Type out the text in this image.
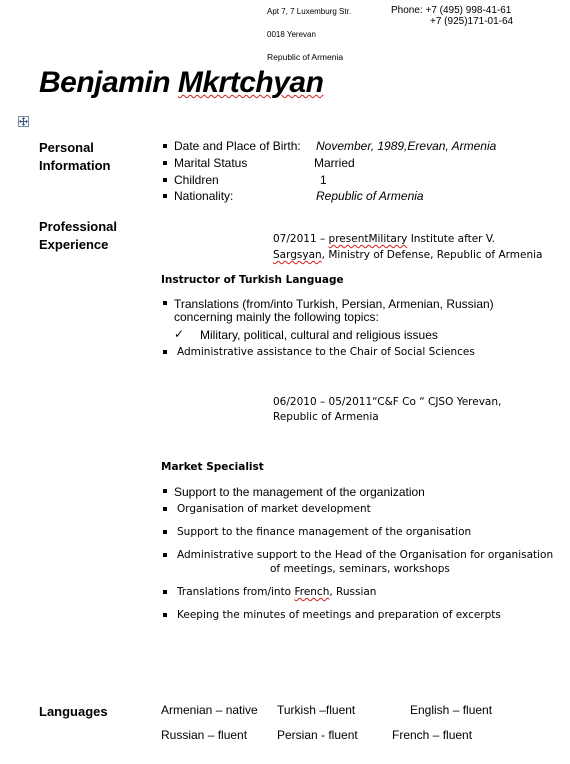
Apt 7, 7 Luxemburg Str.
0018 Yerevan
Republic of Armenia
Phone: +7 (495) 998-41-61
+7 (925)171-01-64
Benjamin Mkrtchyan
Personal
Information
Date and Place of Birth: November, 1989,Erevan, Armenia
Marital Status	Married
Children	1
Nationality:	Republic of Armenia
Professional
Experience	07/2011 – presentMilitary Institute after V.
Sargsyan, Ministry of Defense, Republic of Armenia
Instructor of Turkish Language
Translations (from/into Turkish, Persian, Armenian, Russian)
concerning mainly the following topics:
✓ Military, political, cultural and religious issues
Administrative assistance to the Chair of Social Sciences
06/2010 – 05/2011“C&F Co “ CJSO Yerevan,
Republic of Armenia
Market Specialist
Support to the management of the organization
Organisation of market development
Support to the finance management of the organisation
Administrative support to the Head of the Organisation for organisation
of meetings, seminars, workshops
Translations from/into French, Russian
Keeping the minutes of meetings and preparation of excerpts
Languages	Armenian – native Turkish –fluent	English – fluent
Russian – fluent Persian - fluent	French – fluent
